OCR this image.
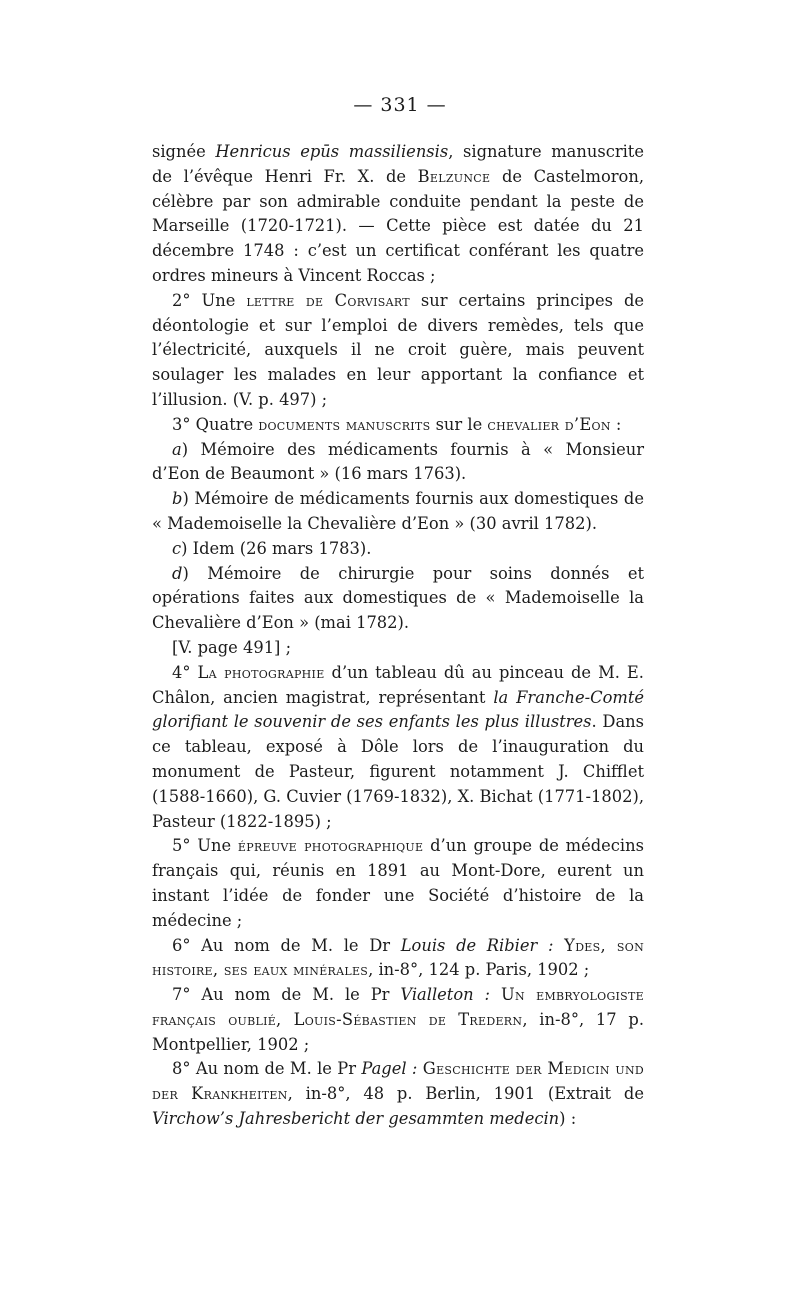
— 331 —

signée Henricus epūs massiliensis, signature manuscrite de l’évêque Henri Fr. X. de Belzunce de Castelmoron, célèbre par son admirable conduite pendant la peste de Marseille (1720-1721). — Cette pièce est datée du 21 décembre 1748 : c’est un certificat conférant les quatre ordres mineurs à Vincent Roccas ;

2° Une lettre de Corvisart sur certains principes de déontologie et sur l’emploi de divers remèdes, tels que l’électricité, auxquels il ne croit guère, mais peuvent soulager les malades en leur apportant la confiance et l’illusion. (V. p. 497) ;

3° Quatre documents manuscrits sur le chevalier d’Eon :

a) Mémoire des médicaments fournis à « Monsieur d’Eon de Beaumont » (16 mars 1763).

b) Mémoire de médicaments fournis aux domestiques de « Mademoiselle la Chevalière d’Eon » (30 avril 1782).

c) Idem (26 mars 1783).

d) Mémoire de chirurgie pour soins donnés et opérations faites aux domestiques de « Mademoiselle la Chevalière d’Eon » (mai 1782).

[V. page 491] ;

4° La photographie d’un tableau dû au pinceau de M. E. Châlon, ancien magistrat, représentant la Franche-Comté glorifiant le souvenir de ses enfants les plus illustres. Dans ce tableau, exposé à Dôle lors de l’inauguration du monument de Pasteur, figurent notamment J. Chifflet (1588-1660), G. Cuvier (1769-1832), X. Bichat (1771-1802), Pasteur (1822-1895) ;

5° Une épreuve photographique d’un groupe de médecins français qui, réunis en 1891 au Mont-Dore, eurent un instant l’idée de fonder une Société d’histoire de la médecine ;

6° Au nom de M. le Dr Louis de Ribier : Ydes, son histoire, ses eaux minérales, in-8°, 124 p. Paris, 1902 ;

7° Au nom de M. le Pr Vialleton : Un embryologiste français oublié, Louis-Sébastien de Tredern, in-8°, 17 p. Montpellier, 1902 ;

8° Au nom de M. le Pr Pagel : Geschichte der Medicin und der Krankheiten, in-8°, 48 p. Berlin, 1901 (Extrait de Virchow’s Jahresbericht der gesammten medecin) :
